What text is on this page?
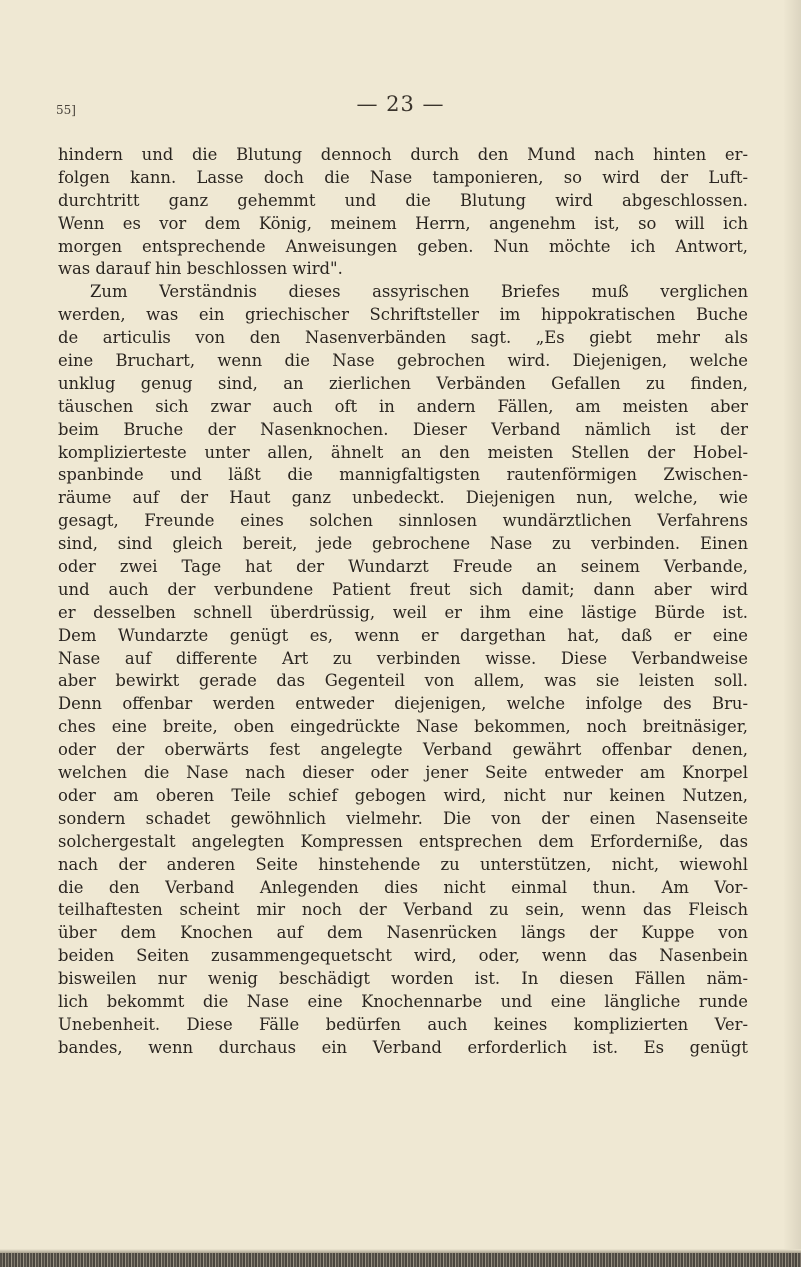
55]	— 23 —
hindern und die Blutung dennoch durch den Mund nach hinten er-
folgen kann. Lasse doch die Nase tamponieren, so wird der Luft-
durchtritt ganz gehemmt und die Blutung wird abgeschlossen.
Wenn es vor dem König, meinem Herrn, angenehm ist, so will ich
morgen entsprechende Anweisungen geben. Nun möchte ich Antwort,
was darauf hin beschlossen wird".
Zum Verständnis dieses assyrischen Briefes muß verglichen
werden, was ein griechischer Schriftsteller im hippokratischen Buche
de articulis von den Nasenverbänden sagt. „Es giebt mehr als
eine Bruchart, wenn die Nase gebrochen wird. Diejenigen, welche
unklug genug sind, an zierlichen Verbänden Gefallen zu finden,
täuschen sich zwar auch oft in andern Fällen, am meisten aber
beim Bruche der Nasenknochen. Dieser Verband nämlich ist der
komplizierteste unter allen, ähnelt an den meisten Stellen der Hobel-
spanbinde und läßt die mannigfaltigsten rautenförmigen Zwischen-
räume auf der Haut ganz unbedeckt. Diejenigen nun, welche, wie
gesagt, Freunde eines solchen sinnlosen wundärztlichen Verfahrens
sind, sind gleich bereit, jede gebrochene Nase zu verbinden. Einen
oder zwei Tage hat der Wundarzt Freude an seinem Verbande,
und auch der verbundene Patient freut sich damit; dann aber wird
er desselben schnell überdrüssig, weil er ihm eine lästige Bürde ist.
Dem Wundarzte genügt es, wenn er dargethan hat, daß er eine
Nase auf differente Art zu verbinden wisse. Diese Verbandweise
aber bewirkt gerade das Gegenteil von allem, was sie leisten soll.
Denn offenbar werden entweder diejenigen, welche infolge des Bru-
ches eine breite, oben eingedrückte Nase bekommen, noch breitnäsiger,
oder der oberwärts fest angelegte Verband gewährt offenbar denen,
welchen die Nase nach dieser oder jener Seite entweder am Knorpel
oder am oberen Teile schief gebogen wird, nicht nur keinen Nutzen,
sondern schadet gewöhnlich vielmehr. Die von der einen Nasenseite
solchergestalt angelegten Kompressen entsprechen dem Erforderniße, das
nach der anderen Seite hinstehende zu unterstützen, nicht, wiewohl
die den Verband Anlegenden dies nicht einmal thun. Am Vor-
teilhaftesten scheint mir noch der Verband zu sein, wenn das Fleisch
über dem Knochen auf dem Nasenrücken längs der Kuppe von
beiden Seiten zusammengequetscht wird, oder, wenn das Nasenbein
bisweilen nur wenig beschädigt worden ist. In diesen Fällen näm-
lich bekommt die Nase eine Knochennarbe und eine längliche runde
Unebenheit. Diese Fälle bedürfen auch keines komplizierten Ver-
bandes, wenn durchaus ein Verband erforderlich ist. Es genügt
